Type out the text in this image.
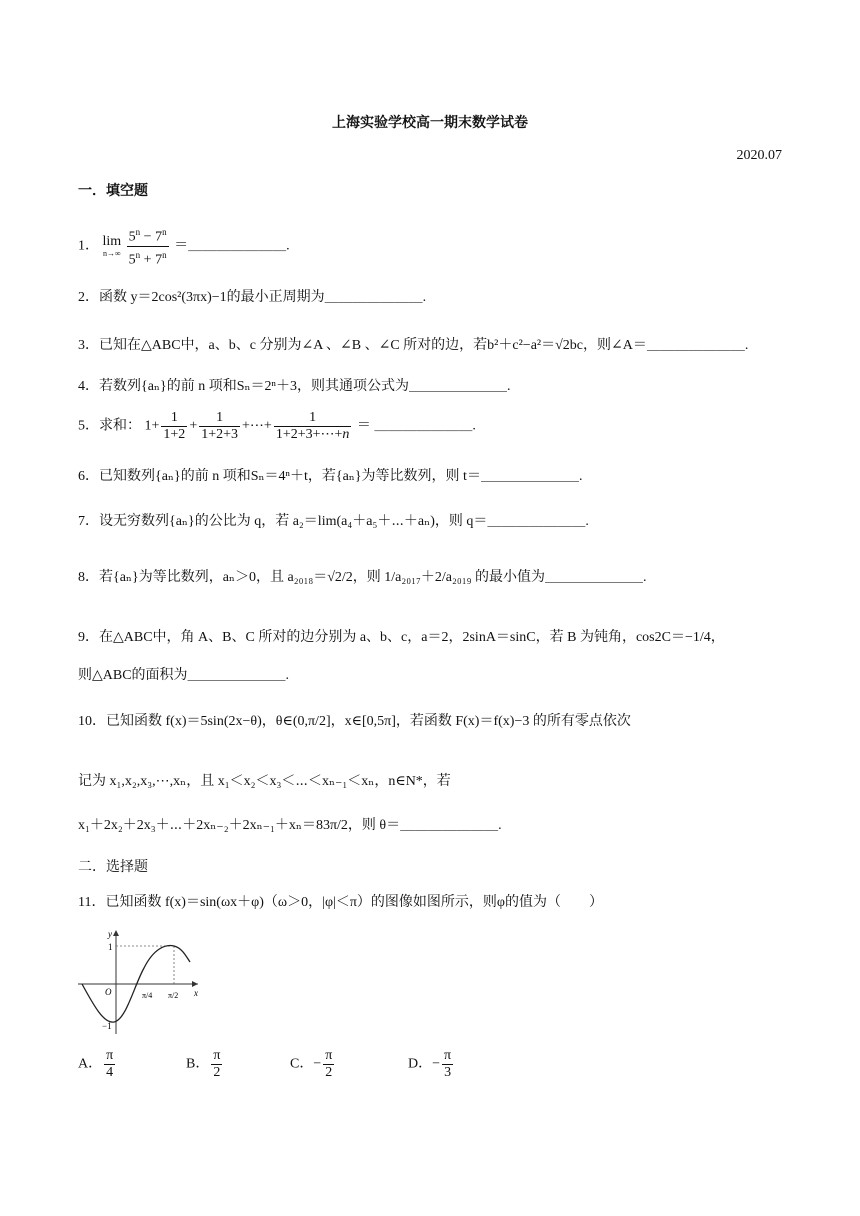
上海实验学校高一期末数学试卷
2020.07
一．填空题
1． lim
n→∞
$\frac{5^n - 7^n}{5^n + 7^n}$ ＝＿＿＿＿＿＿＿.
2．函数 y＝2cos²(3πx)−1的最小正周期为＿＿＿＿＿＿＿.
3．已知在△ABC中，a、b、c 分别为∠A 、∠B 、∠C 所对的边，若b²＋c²−a²＝√2bc，则∠A＝＿＿＿＿＿＿＿.
4．若数列{aₙ}的前 n 项和Sₙ＝2ⁿ＋3，则其通项公式为＿＿＿＿＿＿＿.
5．求和： $1+ \frac{1}{1+2} + \frac{1}{1+2+3}$ +⋯+ $\frac{1}{1+2+3+\cdots+n}$ ＝ ＿＿＿＿＿＿＿.
6．已知数列{aₙ}的前 n 项和Sₙ＝4ⁿ＋t，若{aₙ}为等比数列，则 t＝＿＿＿＿＿＿＿.
7．设无穷数列{aₙ}的公比为 q，若 a₂＝lim(a₄＋a₅＋⋯＋aₙ)，则 q＝＿＿＿＿＿＿＿.
8．若{aₙ}为等比数列，aₙ＞0，且 a₂₀₁₈＝√2/2，则 1/a₂₀₁₇＋2/a₂₀₁₉ 的最小值为＿＿＿＿＿＿＿.
9．在△ABC中，角 A、B、C 所对的边分别为 a、b、c，a＝2，2sinA＝sinC，若 B 为钝角，cos2C＝−1/4，
则△ABC的面积为＿＿＿＿＿＿＿.
10．已知函数 f(x)＝5sin(2x−θ)，θ∈(0,π/2]，x∈[0,5π]，若函数 F(x)＝f(x)−3 的所有零点依次
记为 x₁,x₂,x₃,⋯,xₙ，且 x₁＜x₂＜x₃＜⋯＜xₙ₋₁＜xₙ，n∈N*，若
x₁＋2x₂＋2x₃＋⋯＋2xₙ₋₂＋2xₙ₋₁＋xₙ＝83π/2，则 θ＝＿＿＿＿＿＿＿.
二．选择题
11．已知函数 f(x)＝sin(ωx＋φ)（ω＞0，|φ|＜π）的图像如图所示，则φ的值为（　　）
y
x
O
1
−1
π/4 π/2
A． $\frac{\pi}{4}$	B． $\frac{\pi}{2}$	C．− $\frac{\pi}{2}$	D．− $\frac{\pi}{3}$
